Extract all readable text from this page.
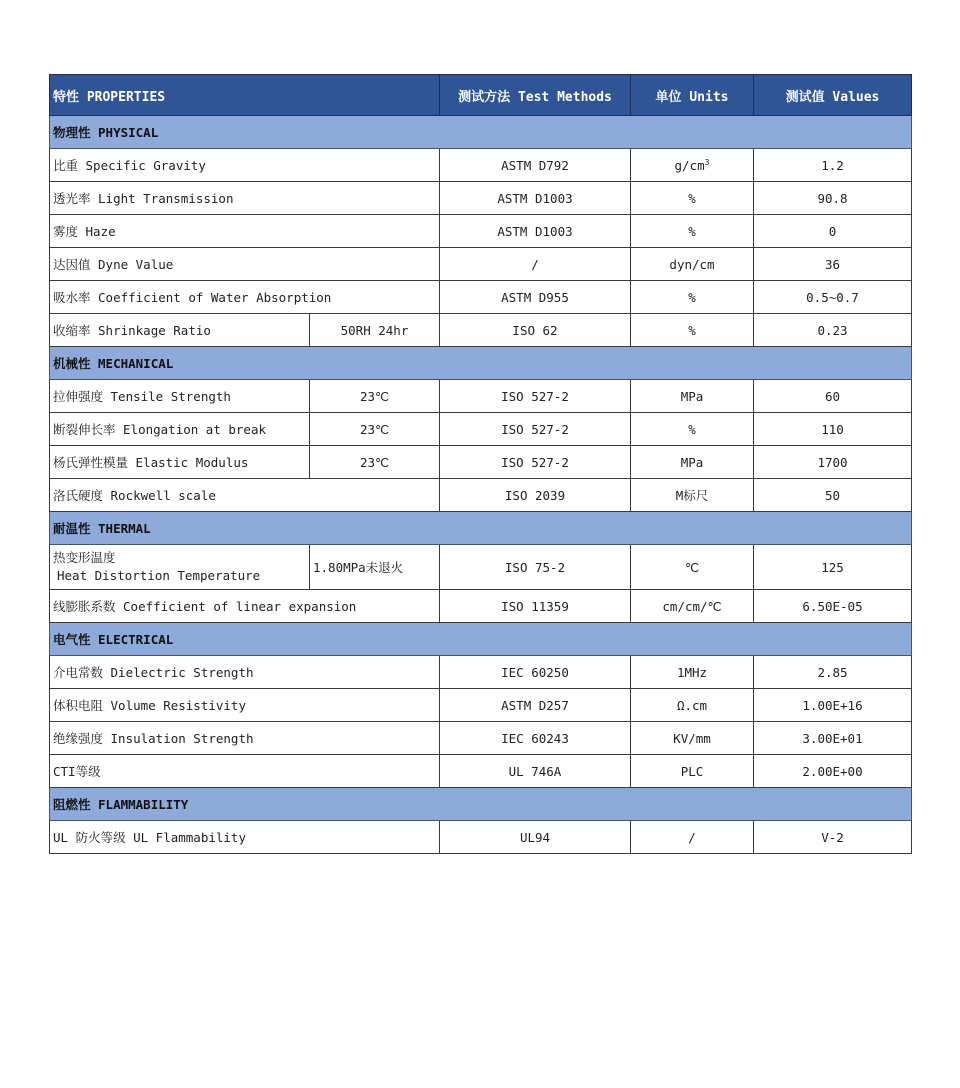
特性 PROPERTIES		测试方法 Test Methods	单位 Units	测试值 Values
物理性 PHYSICAL				
比重 Specific Gravity		ASTM D792	$g/cm^3$	1.2
透光率 Light Transmission		ASTM D1003	%	90.8
雾度 Haze		ASTM D1003	%	0
达因值 Dyne Value		/	dyn/cm	36
吸水率 Coefficient of Water Absorption		ASTM D955	%	0.5~0.7
收缩率 Shrinkage Ratio	50RH 24hr	ISO 62	%	0.23
机械性 MECHANICAL				
拉伸强度 Tensile Strength	23℃	ISO 527-2	MPa	60
断裂伸长率 Elongation at break	23℃	ISO 527-2	%	110
杨氏弹性模量 Elastic Modulus	23℃	ISO 527-2	MPa	1700
洛氏硬度 Rockwell scale		ISO 2039	M标尺	50
耐温性 THERMAL				

热变形温度
Heat Distortion Temperature	1.80MPa未退火	ISO 75-2	℃	125
线膨胀系数 Coefficient of linear expansion		ISO 11359	cm/cm/℃	6.50E-05
电气性 ELECTRICAL				
介电常数 Dielectric Strength		IEC 60250	1MHz	2.85
体积电阻 Volume Resistivity		ASTM D257	Ω.cm	1.00E+16
绝缘强度 Insulation Strength		IEC 60243	KV/mm	3.00E+01
CTI等级		UL 746A	PLC	2.00E+00
阻燃性 FLAMMABILITY				
UL 防火等级 UL Flammability		UL94	/	V-2
